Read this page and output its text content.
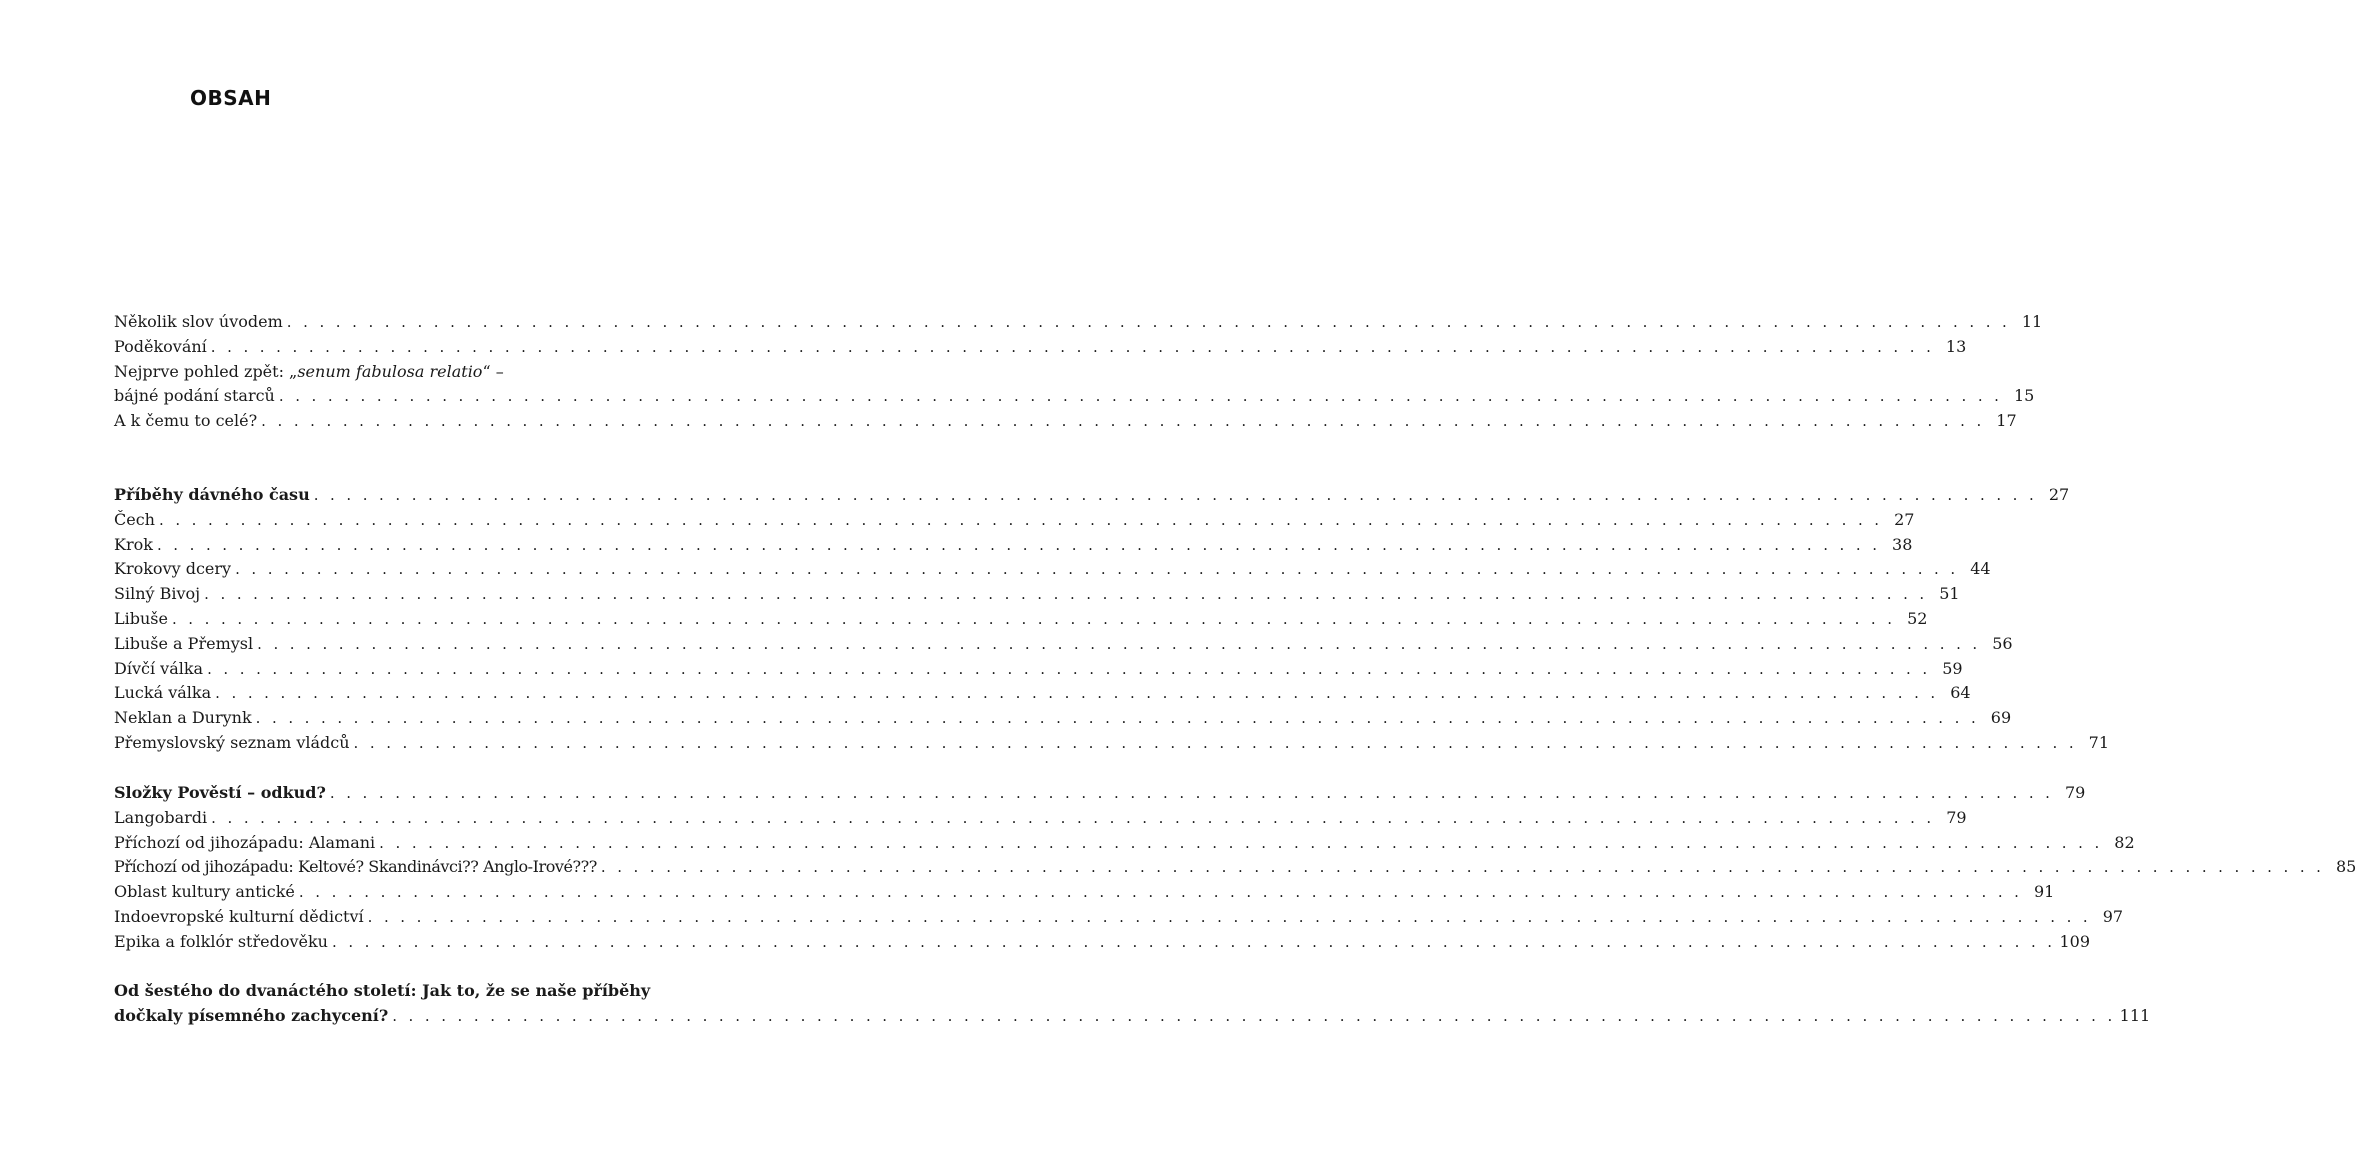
OBSAH
Několik slov úvodem . . . . . . . . . . . . . . . . . . . . . . . . . . . . . . . . . . . . . . . . . . . . . . . . . . . . . . . . . . . . . . . . . . . . . . . . . . . . . . . . . . . . . . . . . . . . . . . . . . . . . . . . . . 11
Poděkování . . . . . . . . . . . . . . . . . . . . . . . . . . . . . . . . . . . . . . . . . . . . . . . . . . . . . . . . . . . . . . . . . . . . . . . . . . . . . . . . . . . . . . . . . . . . . . . . . . . . . . . . . . 13
Nejprve pohled zpět: „senum fabulosa relatio“ –
bájné podání starců . . . . . . . . . . . . . . . . . . . . . . . . . . . . . . . . . . . . . . . . . . . . . . . . . . . . . . . . . . . . . . . . . . . . . . . . . . . . . . . . . . . . . . . . . . . . . . . . . . . . . . . . . . 15
A k čemu to celé? . . . . . . . . . . . . . . . . . . . . . . . . . . . . . . . . . . . . . . . . . . . . . . . . . . . . . . . . . . . . . . . . . . . . . . . . . . . . . . . . . . . . . . . . . . . . . . . . . . . . . . . . . . 17
Příběhy dávného času . . . . . . . . . . . . . . . . . . . . . . . . . . . . . . . . . . . . . . . . . . . . . . . . . . . . . . . . . . . . . . . . . . . . . . . . . . . . . . . . . . . . . . . . . . . . . . . . . . . . . . . . . . 27
Čech . . . . . . . . . . . . . . . . . . . . . . . . . . . . . . . . . . . . . . . . . . . . . . . . . . . . . . . . . . . . . . . . . . . . . . . . . . . . . . . . . . . . . . . . . . . . . . . . . . . . . . . . . . 27
Krok . . . . . . . . . . . . . . . . . . . . . . . . . . . . . . . . . . . . . . . . . . . . . . . . . . . . . . . . . . . . . . . . . . . . . . . . . . . . . . . . . . . . . . . . . . . . . . . . . . . . . . . . . . 38
Krokovy dcery . . . . . . . . . . . . . . . . . . . . . . . . . . . . . . . . . . . . . . . . . . . . . . . . . . . . . . . . . . . . . . . . . . . . . . . . . . . . . . . . . . . . . . . . . . . . . . . . . . . . . . . . . . 44
Silný Bivoj . . . . . . . . . . . . . . . . . . . . . . . . . . . . . . . . . . . . . . . . . . . . . . . . . . . . . . . . . . . . . . . . . . . . . . . . . . . . . . . . . . . . . . . . . . . . . . . . . . . . . . . . . . 51
Libuše . . . . . . . . . . . . . . . . . . . . . . . . . . . . . . . . . . . . . . . . . . . . . . . . . . . . . . . . . . . . . . . . . . . . . . . . . . . . . . . . . . . . . . . . . . . . . . . . . . . . . . . . . . 52
Libuše a Přemysl . . . . . . . . . . . . . . . . . . . . . . . . . . . . . . . . . . . . . . . . . . . . . . . . . . . . . . . . . . . . . . . . . . . . . . . . . . . . . . . . . . . . . . . . . . . . . . . . . . . . . . . . . . 56
Dívčí válka . . . . . . . . . . . . . . . . . . . . . . . . . . . . . . . . . . . . . . . . . . . . . . . . . . . . . . . . . . . . . . . . . . . . . . . . . . . . . . . . . . . . . . . . . . . . . . . . . . . . . . . . . . 59
Lucká válka . . . . . . . . . . . . . . . . . . . . . . . . . . . . . . . . . . . . . . . . . . . . . . . . . . . . . . . . . . . . . . . . . . . . . . . . . . . . . . . . . . . . . . . . . . . . . . . . . . . . . . . . . . 64
Neklan a Durynk . . . . . . . . . . . . . . . . . . . . . . . . . . . . . . . . . . . . . . . . . . . . . . . . . . . . . . . . . . . . . . . . . . . . . . . . . . . . . . . . . . . . . . . . . . . . . . . . . . . . . . . . . . 69
Přemyslovský seznam vládců . . . . . . . . . . . . . . . . . . . . . . . . . . . . . . . . . . . . . . . . . . . . . . . . . . . . . . . . . . . . . . . . . . . . . . . . . . . . . . . . . . . . . . . . . . . . . . . . . . . . . . . . . . 71
Složky Pověstí – odkud? . . . . . . . . . . . . . . . . . . . . . . . . . . . . . . . . . . . . . . . . . . . . . . . . . . . . . . . . . . . . . . . . . . . . . . . . . . . . . . . . . . . . . . . . . . . . . . . . . . . . . . . . . . 79
Langobardi . . . . . . . . . . . . . . . . . . . . . . . . . . . . . . . . . . . . . . . . . . . . . . . . . . . . . . . . . . . . . . . . . . . . . . . . . . . . . . . . . . . . . . . . . . . . . . . . . . . . . . . . . . 79
Příchozí od jihozápadu: Alamani . . . . . . . . . . . . . . . . . . . . . . . . . . . . . . . . . . . . . . . . . . . . . . . . . . . . . . . . . . . . . . . . . . . . . . . . . . . . . . . . . . . . . . . . . . . . . . . . . . . . . . . . . . 82
Příchozí od jihozápadu: Keltové? Skandinávci?? Anglo-Irové??? . . . . . . . . . . . . . . . . . . . . . . . . . . . . . . . . . . . . . . . . . . . . . . . . . . . . . . . . . . . . . . . . . . . . . . . . . . . . . . . . . . . . . . . . . . . . . . . . . . . . . . . . . . 85
Oblast kultury antické . . . . . . . . . . . . . . . . . . . . . . . . . . . . . . . . . . . . . . . . . . . . . . . . . . . . . . . . . . . . . . . . . . . . . . . . . . . . . . . . . . . . . . . . . . . . . . . . . . . . . . . . . . 91
Indoevropské kulturní dědictví . . . . . . . . . . . . . . . . . . . . . . . . . . . . . . . . . . . . . . . . . . . . . . . . . . . . . . . . . . . . . . . . . . . . . . . . . . . . . . . . . . . . . . . . . . . . . . . . . . . . . . . . . . 97
Epika a folklór středověku . . . . . . . . . . . . . . . . . . . . . . . . . . . . . . . . . . . . . . . . . . . . . . . . . . . . . . . . . . . . . . . . . . . . . . . . . . . . . . . . . . . . . . . . . . . . . . . . . . . . . . . . . . 109
Od šestého do dvanáctého století: Jak to, že se naše příběhy
dočkaly písemného zachycení? . . . . . . . . . . . . . . . . . . . . . . . . . . . . . . . . . . . . . . . . . . . . . . . . . . . . . . . . . . . . . . . . . . . . . . . . . . . . . . . . . . . . . . . . . . . . . . . . . . . . . . . . . . 111
